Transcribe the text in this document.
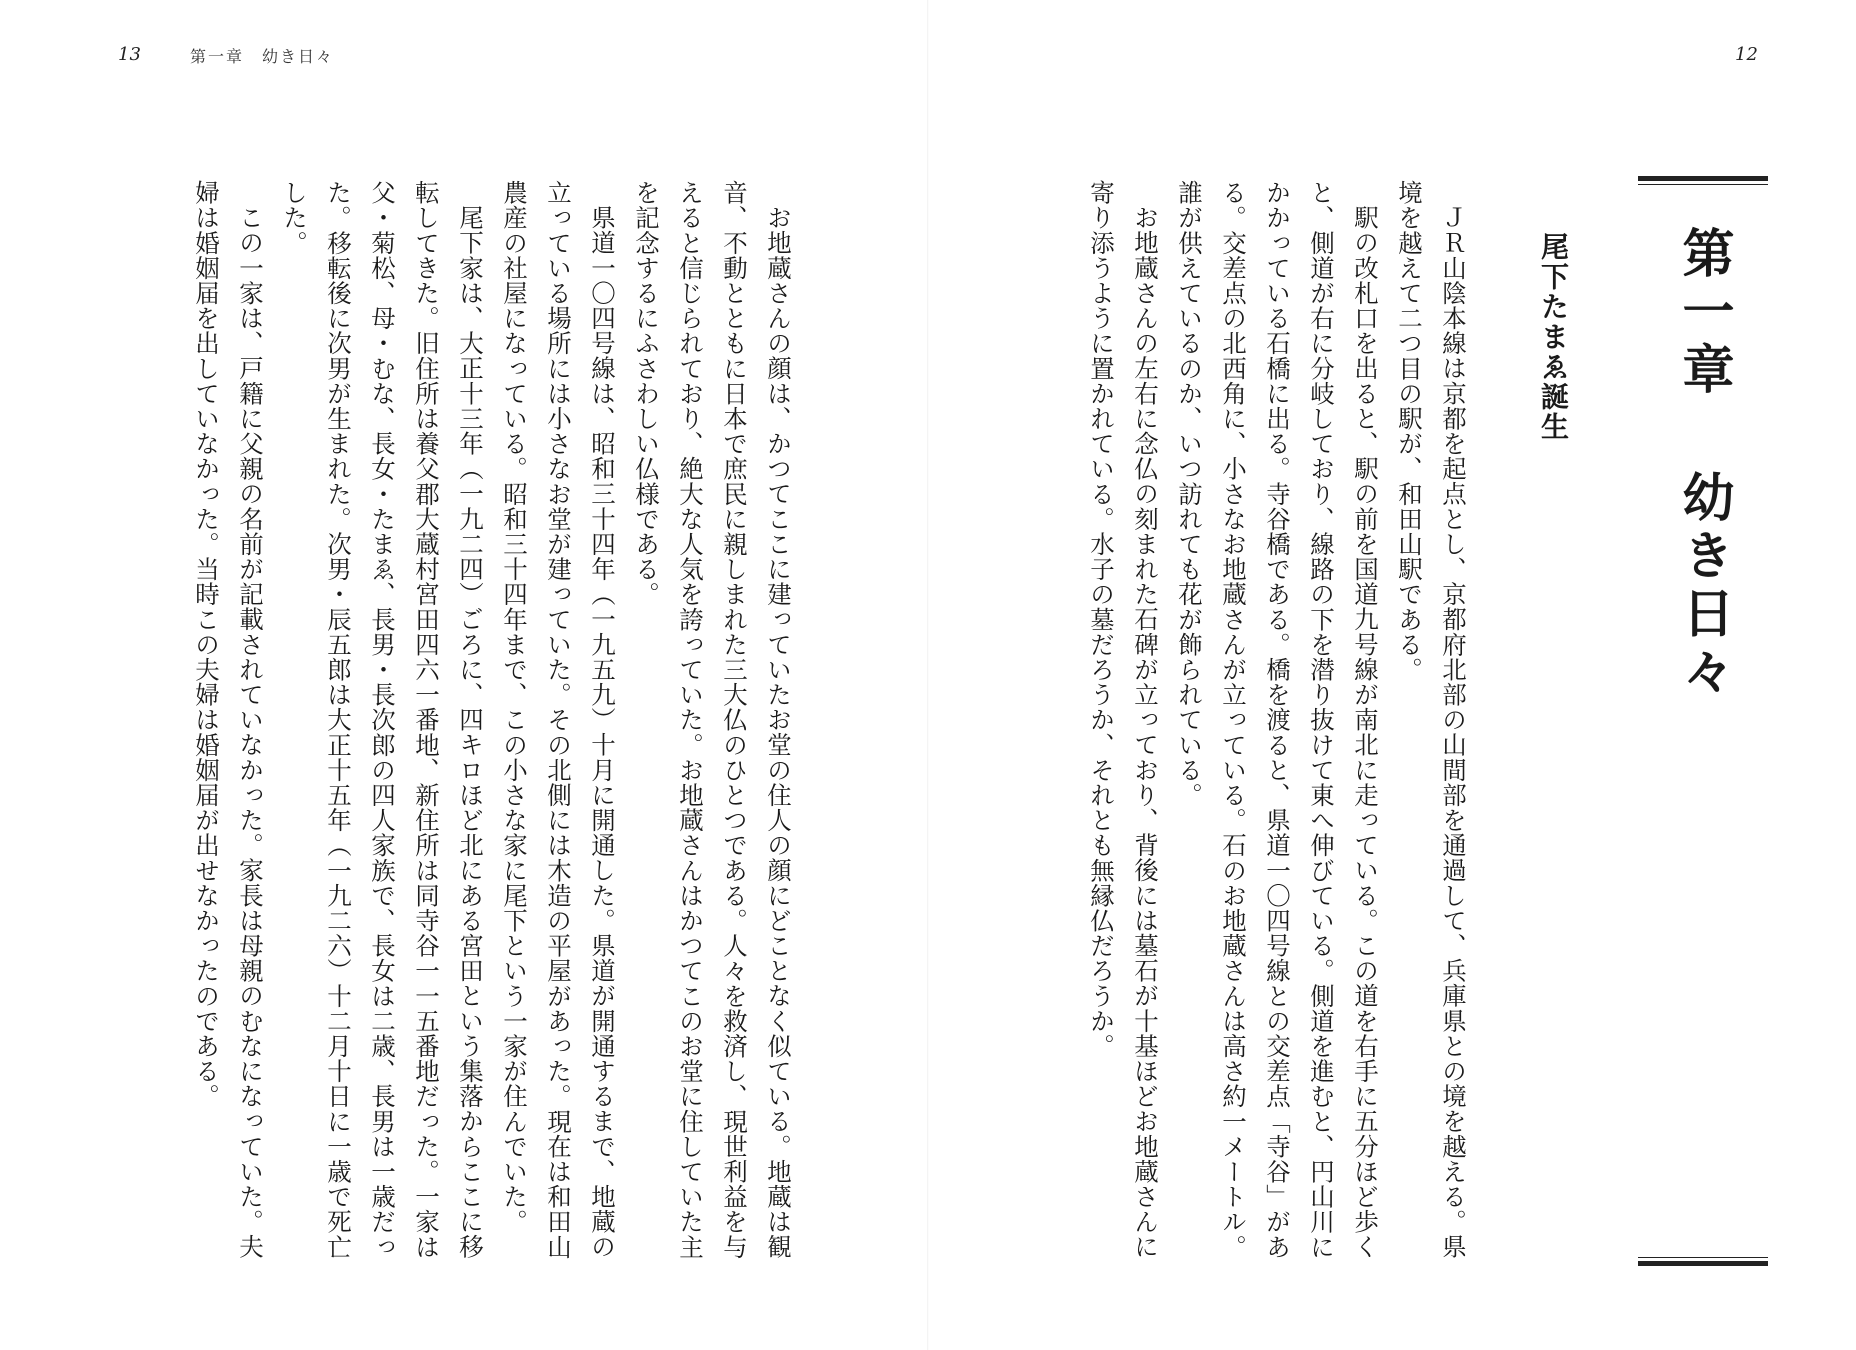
13	第一章　幼き日々	12
第一章幼き日々
尾下たまゑ誕生

ＪＲ山陰本線は京都を起点とし、京都府北部の山間部を通過して、兵庫県との境を越える。県境を越えて二つ目の駅が、和田山駅である。

駅の改札口を出ると、駅の前を国道九号線が南北に走っている。この道を右手に五分ほど歩くと、側道が右に分岐しており、線路の下を潜り抜けて東へ伸びている。側道を進むと、円山川にかかっている石橋に出る。寺谷橋である。橋を渡ると、県道一〇四号線との交差点「寺谷」がある。交差点の北西角に、小さなお地蔵さんが立っている。石のお地蔵さんは高さ約一メートル。誰が供えているのか、いつ訪れても花が飾られている。

お地蔵さんの左右に念仏の刻まれた石碑が立っており、背後には墓石が十基ほどお地蔵さんに寄り添うように置かれている。水子の墓だろうか、それとも無縁仏だろうか。

お地蔵さんの顔は、かつてここに建っていたお堂の住人の顔にどことなく似ている。地蔵は観音、不動とともに日本で庶民に親しまれた三大仏のひとつである。人々を救済し、現世利益を与えると信じられており、絶大な人気を誇っていた。お地蔵さんはかつてこのお堂に住していた主を記念するにふさわしい仏様である。

県道一〇四号線は、昭和三十四年（一九五九）十月に開通した。県道が開通するまで、地蔵の立っている場所には小さなお堂が建っていた。その北側には木造の平屋があった。現在は和田山農産の社屋になっている。昭和三十四年まで、この小さな家に尾下という一家が住んでいた。

尾下家は、大正十三年（一九二四）ごろに、四キロほど北にある宮田という集落からここに移転してきた。旧住所は養父郡大蔵村宮田四六一番地、新住所は同寺谷一一五番地だった。一家は父・菊松、母・むな、長女・たまゑ、長男・長次郎の四人家族で、長女は二歳、長男は一歳だった。移転後に次男が生まれた。次男・辰五郎は大正十五年（一九二六）十二月十日に一歳で死亡した。

この一家は、戸籍に父親の名前が記載されていなかった。家長は母親のむなになっていた。夫婦は婚姻届を出していなかった。当時この夫婦は婚姻届が出せなかったのである。
